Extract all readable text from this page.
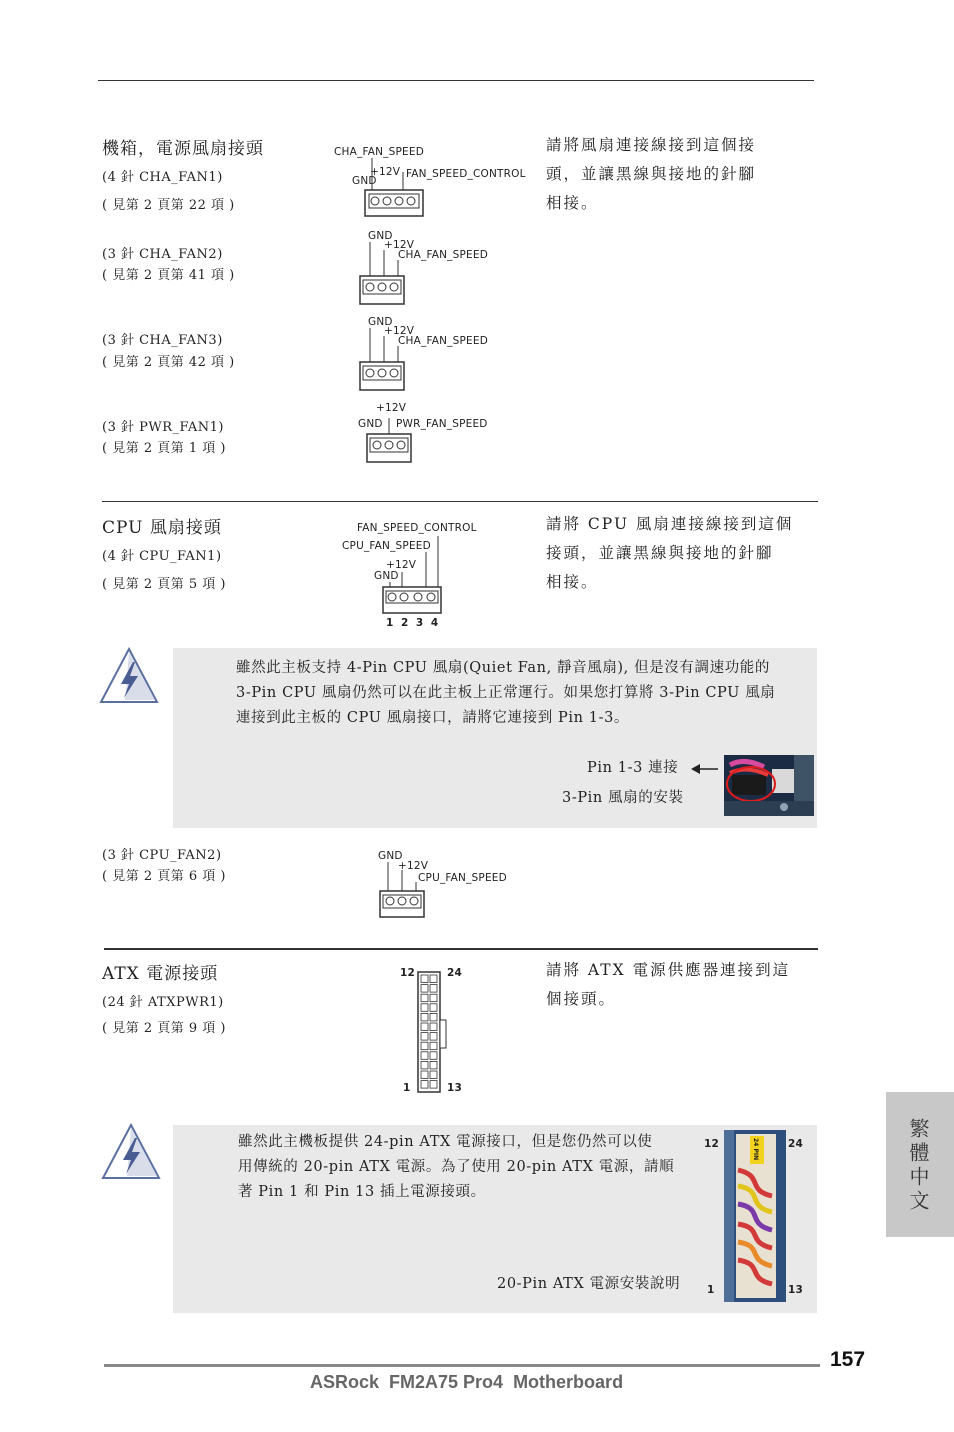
機箱，電源風扇接頭
(4 針 CHA_FAN1)
( 見第 2 頁第 22 項 )
(3 針 CHA_FAN2)
( 見第 2 頁第 41 項 )
(3 針 CHA_FAN3)
( 見第 2 頁第 42 項 )
(3 針 PWR_FAN1)
( 見第 2 頁第 1 項 )
請將風扇連接線接到這個接
頭，並讓黑線與接地的針腳
相接。
CHA_FAN_SPEED
+12V
GND
FAN_SPEED_CONTROL
GND
+12V
CHA_FAN_SPEED
GND
+12V
CHA_FAN_SPEED
+12V
GND PWR_FAN_SPEED
CPU 風扇接頭
(4 針 CPU_FAN1)
( 見第 2 頁第 5 項 )
請將 CPU 風扇連接線接到這個
接頭，並讓黑線與接地的針腳
相接。
FAN_SPEED_CONTROL
CPU_FAN_SPEED
+12V
GND
1 2 3 4
雖然此主板支持 4-Pin CPU 風扇(Quiet Fan, 靜音風扇), 但是沒有調速功能的
3-Pin CPU 風扇仍然可以在此主板上正常運行。如果您打算將 3-Pin CPU 風扇
連接到此主板的 CPU 風扇接口，請將它連接到 Pin 1-3。
Pin 1-3 連接
3-Pin 風扇的安裝
(3 針 CPU_FAN2)
( 見第 2 頁第 6 項 )
GND
+12V
CPU_FAN_SPEED
ATX 電源接頭
(24 針 ATXPWR1)
( 見第 2 頁第 9 項 )
請將 ATX 電源供應器連接到這
個接頭。
12	24
1	13
雖然此主機板提供 24-pin ATX 電源接口，但是您仍然可以使
用傳統的 20-pin ATX 電源。為了使用 20-pin ATX 電源，請順
著 Pin 1 和 Pin 13 插上電源接頭。
20-Pin ATX 電源安裝說明
12	24
1	13
24 PIN	繁體中文
157
ASRock  FM2A75 Pro4  Motherboard
